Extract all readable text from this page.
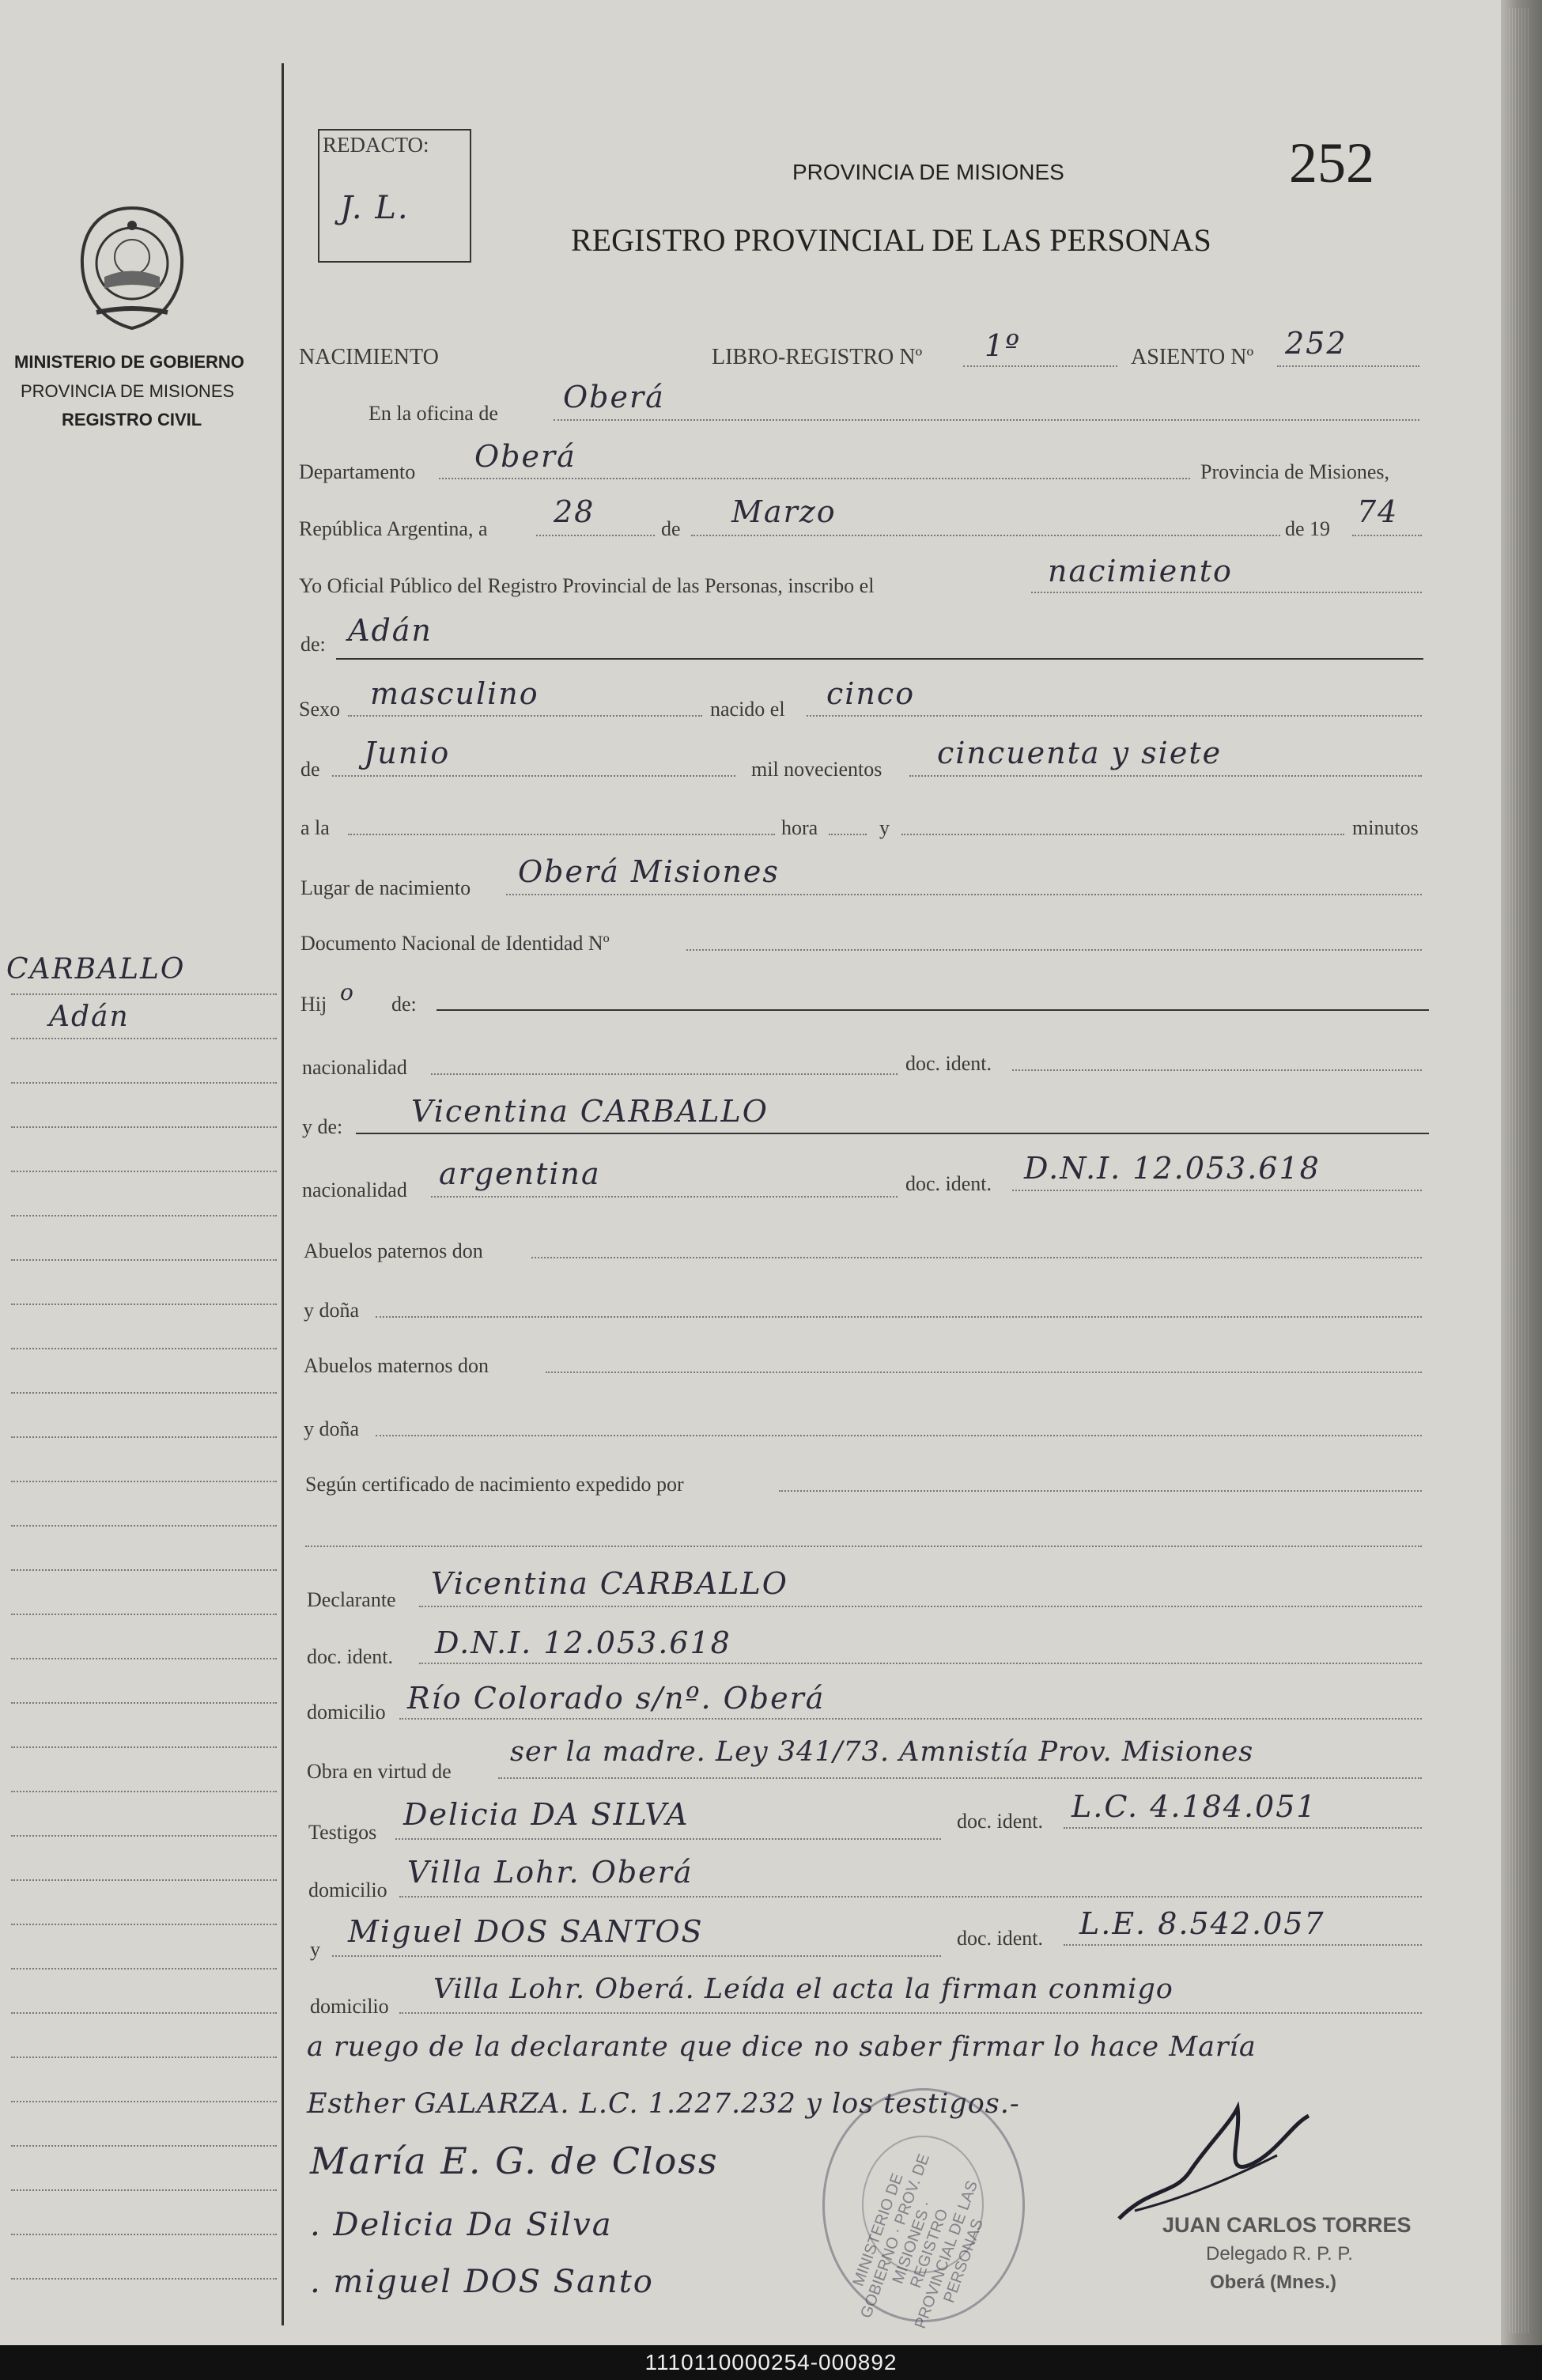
MINISTERIO DE GOBIERNO
PROVINCIA DE MISIONES
REGISTRO CIVIL
CARBALLO
Adán
REDACTO:
J. L.
PROVINCIA DE MISIONES
REGISTRO PROVINCIAL DE LAS PERSONAS
252
NACIMIENTO	LIBRO-REGISTRO Nº 1º	ASIENTO Nº 252
En la oficina de Oberá
Departamento Oberá	Provincia de Misiones,
República Argentina, a 28	de Marzo	de 19 74
Yo Oficial Público del Registro Provincial de las Personas, inscribo el	nacimiento
de: Adán
Sexo masculino	nacido el cinco
de Junio	mil novecientos cincuenta y siete
a la	hora	y	minutos
Lugar de nacimiento Oberá Misiones
Documento Nacional de Identidad Nº
Hij o de:
nacionalidad	doc. ident.
y de: Vicentina CARBALLO
nacionalidad argentina	doc. ident. D.N.I. 12.053.618
Abuelos paternos don
y doña
Abuelos maternos don
y doña
Según certificado de nacimiento expedido por
Declarante Vicentina CARBALLO
doc. ident. D.N.I. 12.053.618
domicilio Río Colorado s/nº. Oberá
Obra en virtud de
ser la madre. Ley 341/73. Amnistía Prov. Misiones
Testigos
Delicia DA SILVA	doc. ident. L.C. 4.184.051
domicilio
Villa Lohr. Oberá
y
Miguel DOS SANTOS	doc. ident. L.E. 8.542.057
domicilio
Villa Lohr. Oberá. Leída el acta la firman conmigo
a ruego de la declarante que dice no saber firmar lo hace María
Esther GALARZA. L.C. 1.227.232 y los testigos.-
MINISTERIO DE GOBIERNO · PROV. DE MISIONES · REGISTRO PROVINCIAL DE LAS PERSONAS
María E. G. de Closs
. Delicia Da Silva
. miguel DOS Santo
JUAN CARLOS TORRES
Delegado R. P. P.
Oberá (Mnes.)
1110110000254-000892
